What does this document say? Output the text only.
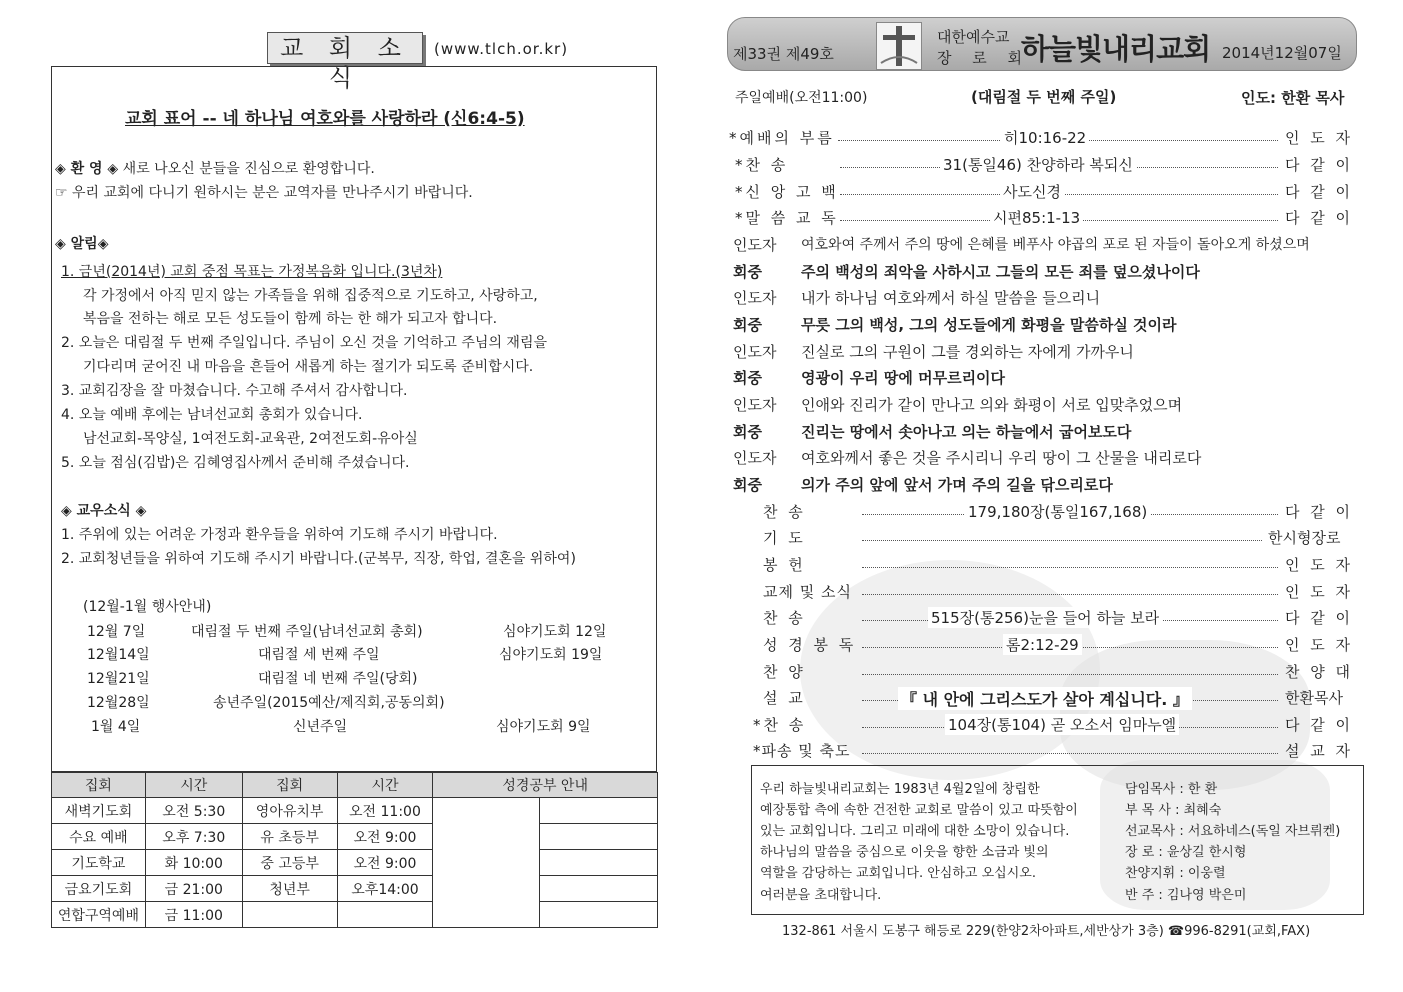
교 회 소 식
(www.tlch.or.kr)
교회 표어 -- 네 하나님 여호와를 사랑하라 (신6:4-5)
◈ 환 영 ◈ 새로 나오신 분들을 진심으로 환영합니다.
☞ 우리 교회에 다니기 원하시는 분은 교역자를 만나주시기 바랍니다.
◈ 알림◈
1. 금년(2014년) 교회 중점 목표는 가정복음화 입니다.(3년차)
각 가정에서 아직 믿지 않는 가족들을 위해 집중적으로 기도하고, 사랑하고,
복음을 전하는 해로 모든 성도들이 함께 하는 한 해가 되고자 합니다.
2. 오늘은 대림절 두 번째 주일입니다. 주님이 오신 것을 기억하고 주님의 재림을
기다리며 굳어진 내 마음을 흔들어 새롭게 하는 절기가 되도록 준비합시다.
3. 교회김장을 잘 마쳤습니다. 수고해 주셔서 감사합니다.
4. 오늘 예배 후에는 남녀선교회 총회가 있습니다.
남선교회-목양실, 1여전도회-교육관, 2여전도회-유아실
5. 오늘 점심(김밥)은 김혜영집사께서 준비해 주셨습니다.
◈ 교우소식 ◈
1. 주위에 있는 어려운 가정과 환우들을 위하여 기도해 주시기 바랍니다.
2. 교회청년들을 위하여 기도해 주시기 바랍니다.(군복무, 직장, 학업, 결혼을 위하여)
(12월-1월 행사안내)
12월 7일	대림절 두 번째 주일(남녀선교회 총회)	심야기도회 12일
12월14일	대림절 세 번째 주일	심야기도회 19일
12월21일	대림절 네 번째 주일(당회)
12월28일	송년주일(2015예산/제직회,공동의회)
1월 4일	신년주일	심야기도회 9일
집회	시간	집회	시간	성경공부 안내	
새벽기도회	오전 5:30	영아유치부	오전 11:00		
수요 예배	오후 7:30	유 초등부	오전 9:00		
기도학교	화 10:00	중 고등부	오전 9:00		
금요기도회	금 21:00	청년부	오후14:00		
연합구역예배	금 11:00				
제33권 제49호
대한예수교
장 로 회
하늘빛내리교회 2014년12월07일
주일예배(오전11:00)	(대림절 두 번째 주일)	인도: 한환 목사
*예배의 부름	히10:16-22	인 도 자
*찬 송	31(통일46) 찬양하라 복되신	다 같 이
*신 앙 고 백	사도신경	다 같 이
*말 씀 교 독	시편85:1-13	다 같 이
인도자 여호와여 주께서 주의 땅에 은혜를 베푸사 야곱의 포로 된 자들이 돌아오게 하셨으며
회중	주의 백성의 죄악을 사하시고 그들의 모든 죄를 덮으셨나이다
인도자 내가 하나님 여호와께서 하실 말씀을 들으리니
회중	무릇 그의 백성, 그의 성도들에게 화평을 말씀하실 것이라
인도자 진실로 그의 구원이 그를 경외하는 자에게 가까우니
회중	영광이 우리 땅에 머무르리이다
인도자 인애와 진리가 같이 만나고 의와 화평이 서로 입맞추었으며
회중	진리는 땅에서 솟아나고 의는 하늘에서 굽어보도다
인도자 여호와께서 좋은 것을 주시리니 우리 땅이 그 산물을 내리로다
회중	의가 주의 앞에 앞서 가며 주의 길을 닦으리로다
찬 송	179,180장(통일167,168)	다 같 이
기 도	한시형장로
봉 헌	인 도 자
교제 및 소식	인 도 자
찬 송	515장(통256)눈을 들어 하늘 보라	다 같 이
성 경 봉 독	롬2:12-29	인 도 자
찬 양	찬 양 대
설 교	『 내 안에 그리스도가 살아 계십니다. 』	한환목사
*찬 송	104장(통104) 곧 오소서 임마누엘	다 같 이
*파송 및 축도	설 교 자
우리 하늘빛내리교회는 1983년 4월2일에 창립한
예장통합 측에 속한 건전한 교회로 말씀이 있고 따뜻함이
있는 교회입니다. 그리고 미래에 대한 소망이 있습니다.
하나님의 말씀을 중심으로 이웃을 향한 소금과 빛의
역할을 감당하는 교회입니다. 안심하고 오십시오.
여러분을 초대합니다.
담임목사 : 한 환
부 목 사 : 최혜숙
선교목사 : 서요하네스(독일 자브뤼켄)
장 로 : 윤상길 한시형
찬양지휘 : 이웅렬
반 주 : 김나영 박은미
132-861 서울시 도봉구 해등로 229(한양2차아파트,세반상가 3층) ☎996-8291(교회,FAX)
